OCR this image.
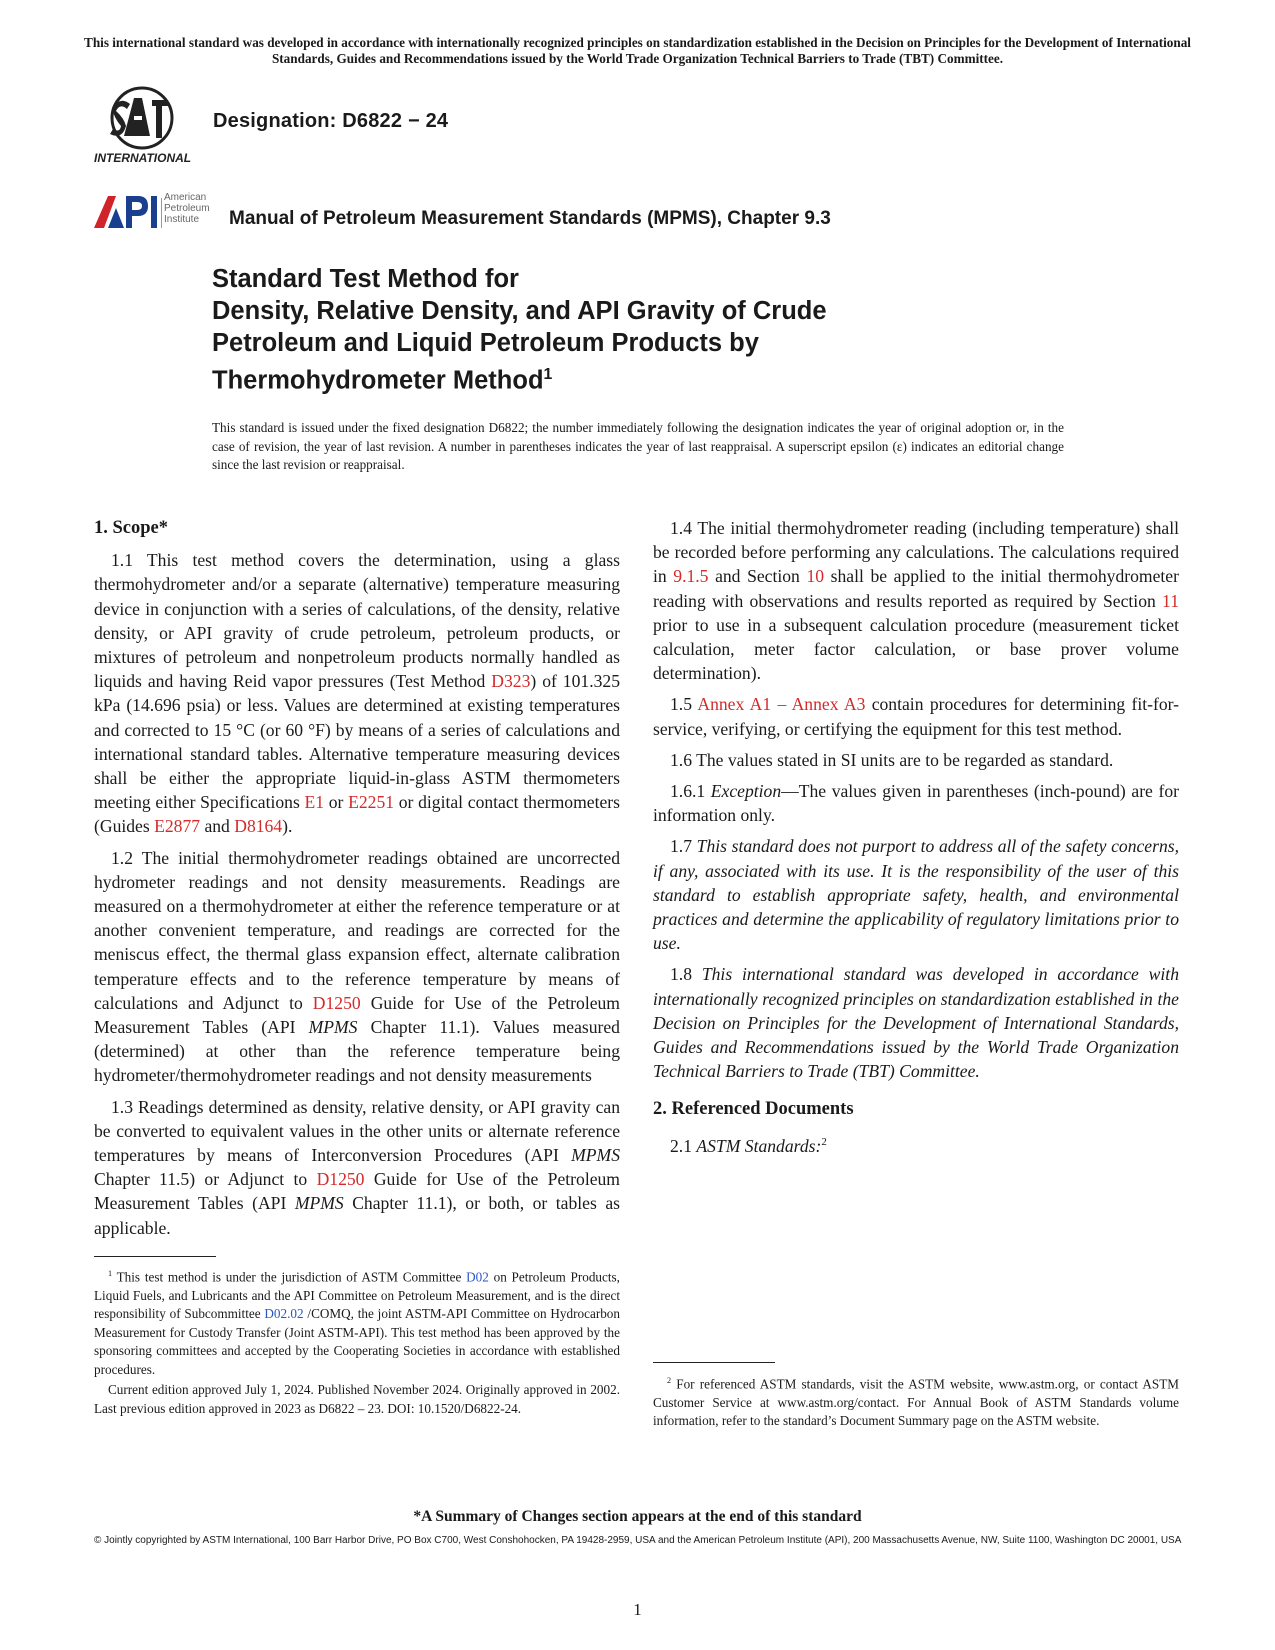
This international standard was developed in accordance with internationally recognized principles on standardization established in the Decision on Principles for the Development of International Standards, Guides and Recommendations issued by the World Trade Organization Technical Barriers to Trade (TBT) Committee.
INTERNATIONAL
Designation: D6822 − 24
American Petroleum Institute	Manual of Petroleum Measurement Standards (MPMS), Chapter 9.3
Standard Test Method for
Density, Relative Density, and API Gravity of Crude
Petroleum and Liquid Petroleum Products by
Thermohydrometer Method$^1$
This standard is issued under the fixed designation D6822; the number immediately following the designation indicates the year of original adoption or, in the case of revision, the year of last revision. A number in parentheses indicates the year of last reappraisal. A superscript epsilon (ε) indicates an editorial change since the last revision or reappraisal.
1. Scope*

1.1 This test method covers the determination, using a glass thermohydrometer and/or a separate (alternative) temperature measuring device in conjunction with a series of calculations, of the density, relative density, or API gravity of crude petroleum, petroleum products, or mixtures of petroleum and nonpetroleum products normally handled as liquids and having Reid vapor pressures (Test Method D323) of 101.325 kPa (14.696 psia) or less. Values are determined at existing temperatures and corrected to 15 °C (or 60 °F) by means of a series of calculations and international standard tables. Alternative temperature measuring devices shall be either the appropriate liquid-in-glass ASTM thermometers meeting either Specifications E1 or E2251 or digital contact thermometers (Guides E2877 and D8164).

1.2 The initial thermohydrometer readings obtained are uncorrected hydrometer readings and not density measurements. Readings are measured on a thermohydrometer at either the reference temperature or at another convenient temperature, and readings are corrected for the meniscus effect, the thermal glass expansion effect, alternate calibration temperature effects and to the reference temperature by means of calculations and Adjunct to D1250 Guide for Use of the Petroleum Measurement Tables (API MPMS Chapter 11.1). Values measured (determined) at other than the reference temperature being hydrometer/thermohydrometer readings and not density measurements

1.3 Readings determined as density, relative density, or API gravity can be converted to equivalent values in the other units or alternate reference temperatures by means of Interconversion Procedures (API MPMS Chapter 11.5) or Adjunct to D1250 Guide for Use of the Petroleum Measurement Tables (API MPMS Chapter 11.1), or both, or tables as applicable.

$^1$ This test method is under the jurisdiction of ASTM Committee D02 on Petroleum Products, Liquid Fuels, and Lubricants and the API Committee on Petroleum Measurement, and is the direct responsibility of Subcommittee D02.02 /COMQ, the joint ASTM-API Committee on Hydrocarbon Measurement for Custody Transfer (Joint ASTM-API). This test method has been approved by the sponsoring committees and accepted by the Cooperating Societies in accordance with established procedures.

Current edition approved July 1, 2024. Published November 2024. Originally approved in 2002. Last previous edition approved in 2023 as D6822 – 23. DOI: 10.1520/D6822-24.

1.4 The initial thermohydrometer reading (including temperature) shall be recorded before performing any calculations. The calculations required in 9.1.5 and Section 10 shall be applied to the initial thermohydrometer reading with observations and results reported as required by Section 11 prior to use in a subsequent calculation procedure (measurement ticket calculation, meter factor calculation, or base prover volume determination).

1.5 Annex A1 – Annex A3 contain procedures for determining fit-for-service, verifying, or certifying the equipment for this test method.

1.6 The values stated in SI units are to be regarded as standard.

1.6.1 Exception—The values given in parentheses (inch-pound) are for information only.

1.7 This standard does not purport to address all of the safety concerns, if any, associated with its use. It is the responsibility of the user of this standard to establish appropriate safety, health, and environmental practices and determine the applicability of regulatory limitations prior to use.

1.8 This international standard was developed in accordance with internationally recognized principles on standardization established in the Decision on Principles for the Development of International Standards, Guides and Recommendations issued by the World Trade Organization Technical Barriers to Trade (TBT) Committee.

2. Referenced Documents

2.1 ASTM Standards:$^2$

$^2$ For referenced ASTM standards, visit the ASTM website, www.astm.org, or contact ASTM Customer Service at www.astm.org/contact. For Annual Book of ASTM Standards volume information, refer to the standard’s Document Summary page on the ASTM website.

*A Summary of Changes section appears at the end of this standard
© Jointly copyrighted by ASTM International, 100 Barr Harbor Drive, PO Box C700, West Conshohocken, PA 19428-2959, USA and the American Petroleum Institute (API), 200 Massachusetts Avenue, NW, Suite 1100, Washington DC 20001, USA
1
